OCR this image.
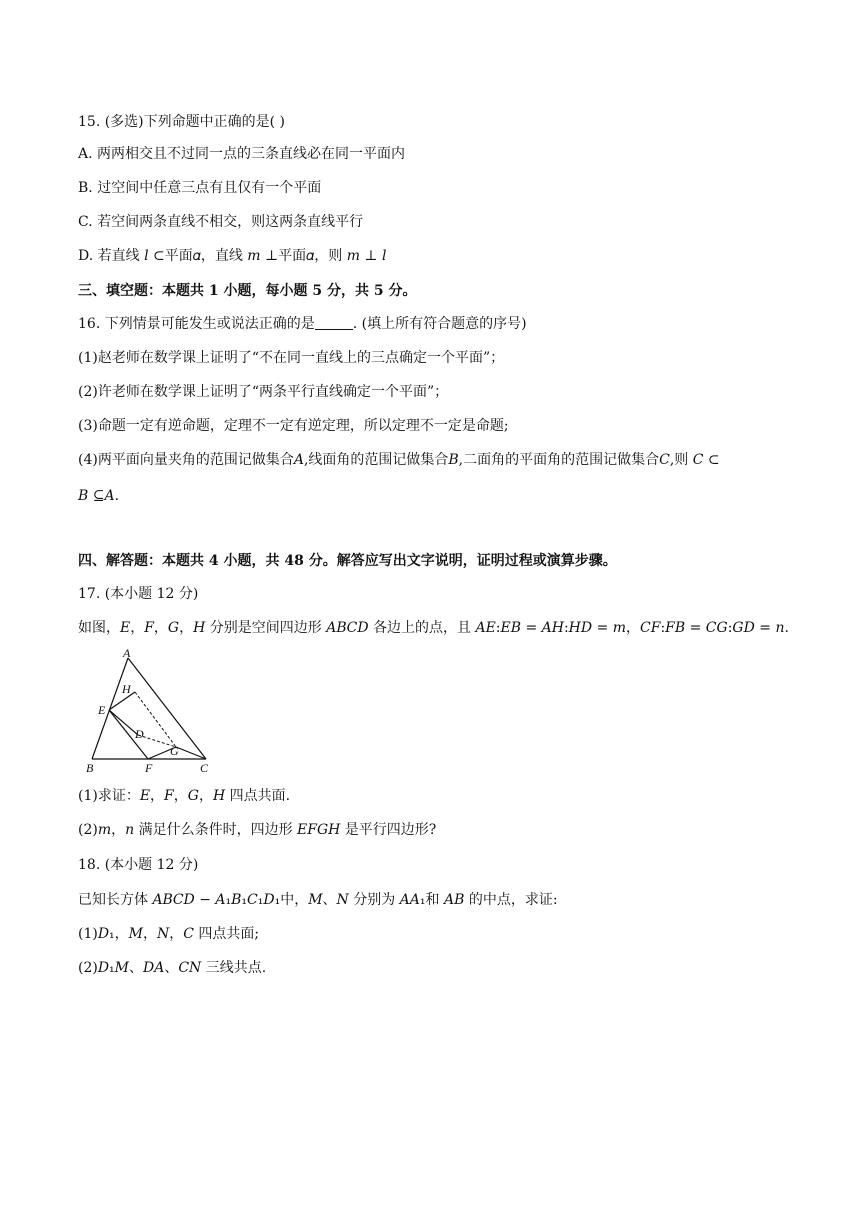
15. (多选)下列命题中正确的是( )
A. 两两相交且不过同一点的三条直线必在同一平面内
B. 过空间中任意三点有且仅有一个平面
C. 若空间两条直线不相交，则这两条直线平行
D. 若直线 𝑙 ⊂平面𝛼，直线 𝑚 ⊥平面𝛼，则 𝑚 ⊥ 𝑙
三、填空题：本题共 1 小题，每小题 5 分，共 5 分。
16. 下列情景可能发生或说法正确的是	. (填上所有符合题意的序号)
(1)赵老师在数学课上证明了“不在同一直线上的三点确定一个平面”；
(2)许老师在数学课上证明了“两条平行直线确定一个平面”；
(3)命题一定有逆命题，定理不一定有逆定理，所以定理不一定是命题;
(4)两平面向量夹角的范围记做集合𝐴,线面角的范围记做集合𝐵,二面角的平面角的范围记做集合𝐶,则 𝐶 ⊂
𝐵 ⊆𝐴.
四、解答题：本题共 4 小题，共 48 分。解答应写出文字说明，证明过程或演算步骤。
17. (本小题 12 分)
如图，𝐸，𝐹，𝐺，𝐻 分别是空间四边形 𝐴𝐵𝐶𝐷 各边上的点，且 𝐴𝐸:𝐸𝐵 = 𝐴𝐻:𝐻𝐷 = 𝑚，𝐶𝐹:𝐹𝐵 = 𝐶𝐺:𝐺𝐷 = 𝑛.
A
H
E
D
G
B	F	C
(1)求证：𝐸，𝐹，𝐺，𝐻 四点共面.
(2)𝑚，𝑛 满足什么条件时，四边形 𝐸𝐹𝐺𝐻 是平行四边形?
18. (本小题 12 分)
已知长方体 𝐴𝐵𝐶𝐷 − 𝐴₁𝐵₁𝐶₁𝐷₁中，𝑀、𝑁 分别为 𝐴𝐴₁和 𝐴𝐵 的中点，求证:
(1)𝐷₁，𝑀，𝑁，𝐶 四点共面;
(2)𝐷₁𝑀、𝐷𝐴、𝐶𝑁 三线共点.
